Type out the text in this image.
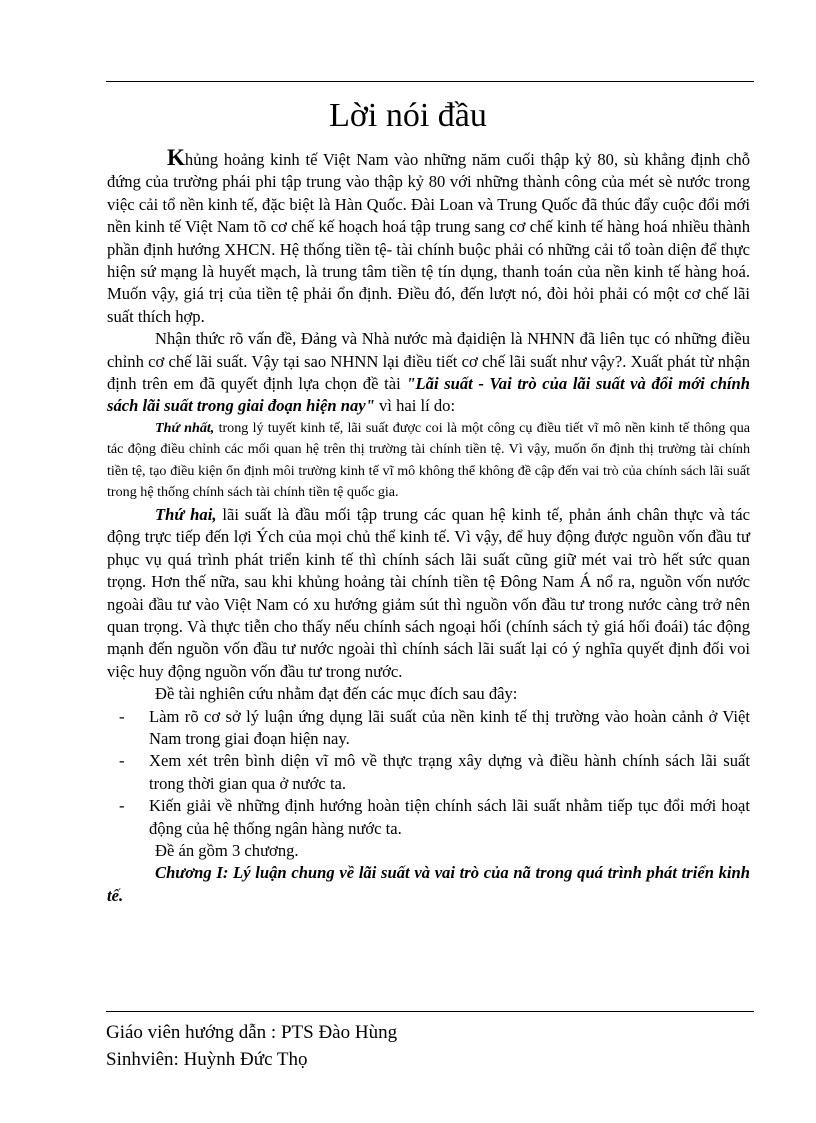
Lời nói đầu

Khủng hoảng kinh tế Việt Nam vào những năm cuối thập kỷ 80, sù khẳng định chỗ đứng của trường phái phi tập trung vào thập kỷ 80 với những thành công của mét sè nước trong việc cải tổ nền kinh tế, đặc biệt là Hàn Quốc. Đài Loan và Trung Quốc đã thúc đẩy cuộc đổi mới nền kinh tế Việt Nam tõ cơ chế kế hoạch hoá tập trung sang cơ chế kinh tế hàng hoá nhiều thành phần định hướng XHCN. Hệ thống tiền tệ- tài chính buộc phải có những cải tổ toàn diện để thực hiện sứ mạng là huyết mạch, là trung tâm tiền tệ tín dụng, thanh toán của nền kinh tế hàng hoá. Muốn vậy, giá trị của tiền tệ phải ổn định. Điều đó, đến lượt nó, đòi hỏi phải có một cơ chế lãi suất thích hợp.

Nhận thức rõ vấn đề, Đảng và Nhà nước mà đạidiện là NHNN đã liên tục có những điều chỉnh cơ chế lãi suất. Vậy tại sao NHNN lại điều tiết cơ chế lãi suất như vậy?. Xuất phát từ nhận định trên em đã quyết định lựa chọn đề tài "Lãi suất - Vai trò của lãi suất và đổi mới chính sách lãi suất trong giai đoạn hiện nay" vì hai lí do:

Thứ nhất, trong lý tuyết kinh tế, lãi suất được coi là một công cụ điều tiết vĩ mô nền kinh tế thông qua tác động điều chỉnh các mối quan hệ trên thị trường tài chính tiền tệ. Vì vậy, muốn ổn định thị trường tài chính tiền tệ, tạo điều kiện ổn định môi trường kinh tế vĩ mô không thể không đề cập đến vai trò của chính sách lãi suất trong hệ thống chính sách tài chính tiền tệ quốc gia.

Thứ hai, lãi suất là đầu mối tập trung các quan hệ kinh tế, phản ánh chân thực và tác động trực tiếp đến lợi Ých của mọi chủ thể kinh tế. Vì vậy, để huy động được nguồn vốn đầu tư phục vụ quá trình phát triển kinh tế thì chính sách lãi suất cũng giữ mét vai trò hết sức quan trọng. Hơn thế nữa, sau khi khủng hoảng tài chính tiền tệ Đông Nam Á nổ ra, nguồn vốn nước ngoài đầu tư vào Việt Nam có xu hướng giảm sút thì nguồn vốn đầu tư trong nước càng trở nên quan trọng. Và thực tiễn cho thấy nếu chính sách ngoại hối (chính sách tỷ giá hối đoái) tác động mạnh đến nguồn vốn đầu tư nước ngoài thì chính sách lãi suất lại có ý nghĩa quyết định đối voi việc huy động nguồn vốn đầu tư trong nước.

Đề tài nghiên cứu nhằm đạt đến các mục đích sau đây:

- Làm rõ cơ sở lý luận ứng dụng lãi suất của nền kinh tế thị trường vào hoàn cảnh ở Việt Nam trong giai đoạn hiện nay.
- Xem xét trên bình diện vĩ mô về thực trạng xây dựng và điều hành chính sách lãi suất trong thời gian qua ở nước ta.
- Kiến giải về những định hướng hoàn tiện chính sách lãi suất nhằm tiếp tục đổi mới hoạt động của hệ thống ngân hàng nước ta.

Đề án gồm 3 chương.

Chương I: Lý luận chung về lãi suất và vai trò của nã trong quá trình phát triển kinh tế.

Giáo viên hướng dẫn : PTS Đào Hùng
Sinhviên: Huỳnh Đức Thọ
